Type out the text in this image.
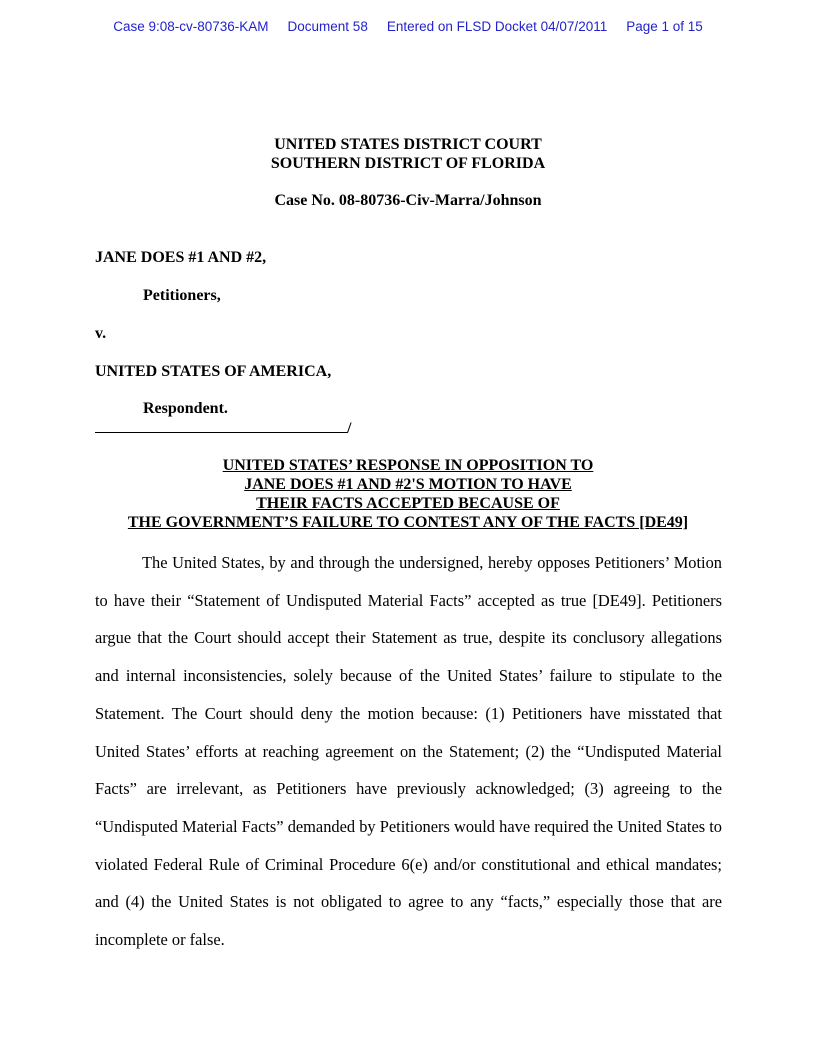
Case 9:08-cv-80736-KAM Document 58 Entered on FLSD Docket 04/07/2011 Page 1 of 15
UNITED STATES DISTRICT COURT
SOUTHERN DISTRICT OF FLORIDA
Case No. 08-80736-Civ-Marra/Johnson
JANE DOES #1 AND #2,
Petitioners,
v.
UNITED STATES OF AMERICA,
Respondent.
/
UNITED STATES’ RESPONSE IN OPPOSITION TO
JANE DOES #1 AND #2'S MOTION TO HAVE
THEIR FACTS ACCEPTED BECAUSE OF
THE GOVERNMENT’S FAILURE TO CONTEST ANY OF THE FACTS [DE49]

The United States, by and through the undersigned, hereby opposes Petitioners’ Motion to have their “Statement of Undisputed Material Facts” accepted as true [DE49]. Petitioners argue that the Court should accept their Statement as true, despite its conclusory allegations and internal inconsistencies, solely because of the United States’ failure to stipulate to the Statement. The Court should deny the motion because: (1) Petitioners have misstated that United States’ efforts at reaching agreement on the Statement; (2) the “Undisputed Material Facts” are irrelevant, as Petitioners have previously acknowledged; (3) agreeing to the “Undisputed Material Facts” demanded by Petitioners would have required the United States to violated Federal Rule of Criminal Procedure 6(e) and/or constitutional and ethical mandates; and (4) the United States is not obligated to agree to any “facts,” especially those that are incomplete or false.
